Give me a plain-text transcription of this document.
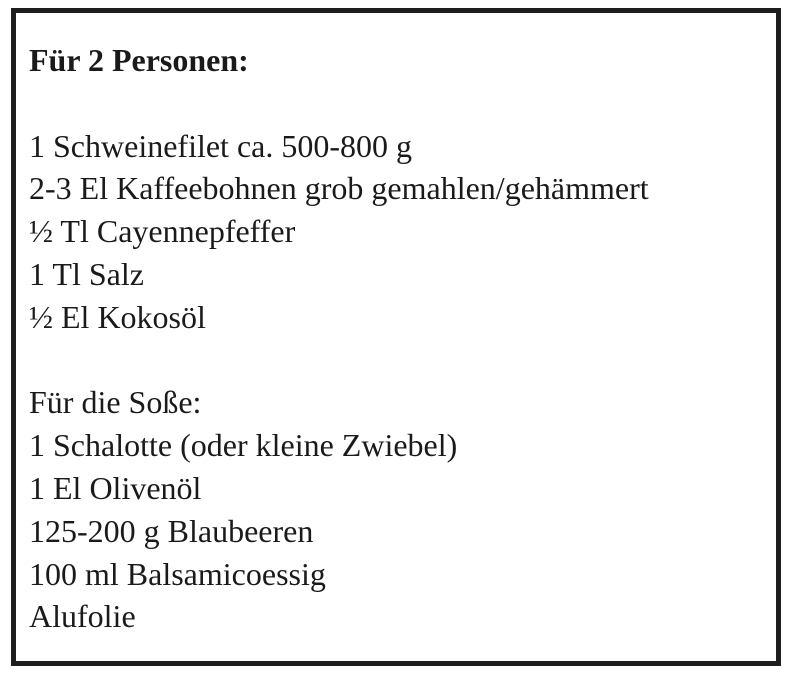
Für 2 Personen:

1 Schweinefilet ca. 500-800 g

2-3 El Kaffeebohnen grob gemahlen/gehämmert

½ Tl Cayennepfeffer

1 Tl Salz

½ El Kokosöl

Für die Soße:

1 Schalotte (oder kleine Zwiebel)

1 El Olivenöl

125-200 g Blaubeeren

100 ml Balsamicoessig

Alufolie
